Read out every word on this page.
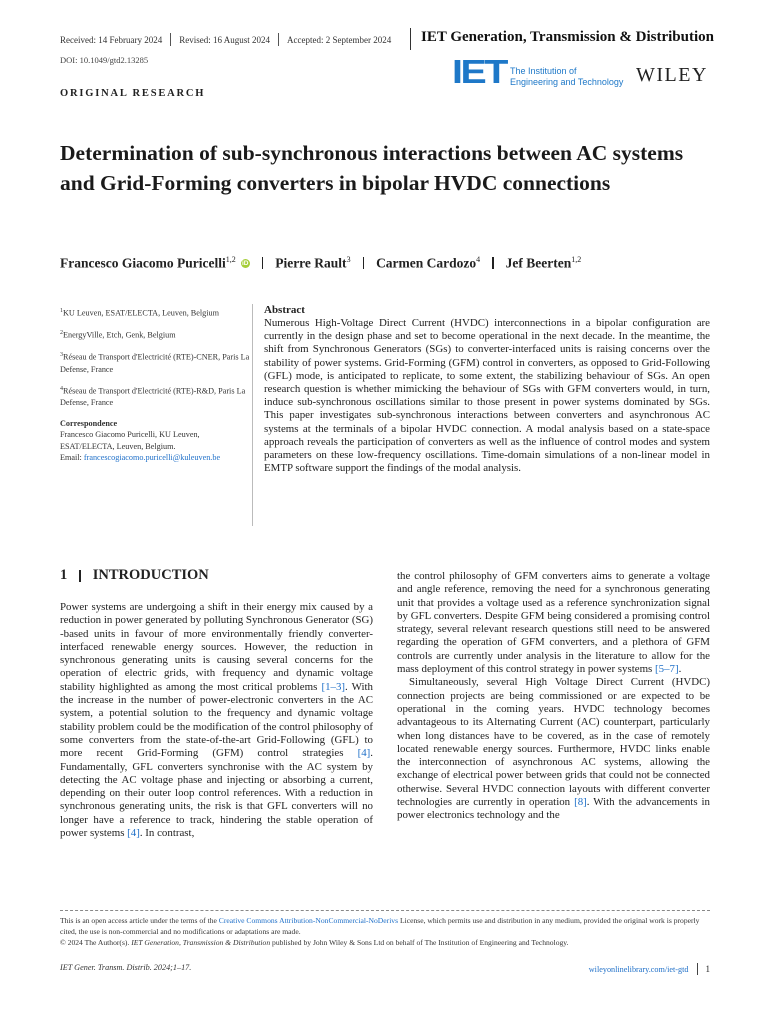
Received: 14 February 2024 Revised: 16 August 2024 Accepted: 2 September 2024	IET Generation, Transmission & Distribution
DOI: 10.1049/gtd2.13285	IET The Institution of
Engineering and Technology WILEY
ORIGINAL RESEARCH
Determination of sub-synchronous interactions between AC systems and Grid-Forming converters in bipolar HVDC connections
Francesco Giacomo Puricelli$^{1,2}$ iD Pierre Rault$^3$ Carmen Cardozo$^4$ Jef Beerten$^{1,2}$
$^1$KU Leuven, ESAT/ELECTA, Leuven, Belgium
$^2$EnergyVille, Etch, Genk, Belgium
$^3$Réseau de Transport d'Electricité (RTE)-CNER, Paris La Defense, France
$^4$Réseau de Transport d'Electricité (RTE)-R&D, Paris La Defense, France
Correspondence
Francesco Giacomo Puricelli, KU Leuven, ESAT/ELECTA, Leuven, Belgium.
Email: francescogiacomo.puricelli@kuleuven.be
Abstract

Numerous High-Voltage Direct Current (HVDC) interconnections in a bipolar configuration are currently in the design phase and set to become operational in the next decade. In the meantime, the shift from Synchronous Generators (SGs) to converter-interfaced units is raising concerns over the stability of power systems. Grid-Forming (GFM) control in converters, as opposed to Grid-Following (GFL) mode, is anticipated to replicate, to some extent, the stabilizing behaviour of SGs. An open research question is whether mimicking the behaviour of SGs with GFM converters would, in turn, induce sub-synchronous oscillations similar to those present in power systems dominated by SGs. This paper investigates sub-synchronous interactions between converters and asynchronous AC systems at the terminals of a bipolar HVDC connection. A modal analysis based on a state-space approach reveals the participation of converters as well as the influence of control modes and system parameters on these low-frequency oscillations. Time-domain simulations of a non-linear model in EMTP software support the findings of the modal analysis.

1 INTRODUCTION

Power systems are undergoing a shift in their energy mix caused by a reduction in power generated by polluting Synchronous Generator (SG) -based units in favour of more environmentally friendly converter-interfaced renewable energy sources. However, the reduction in synchronous generating units is causing several concerns for the operation of electric grids, with frequency and dynamic voltage stability highlighted as among the most critical problems [1–3]. With the increase in the number of power-electronic converters in the AC system, a potential solution to the frequency and dynamic voltage stability problem could be the modification of the control philosophy of some converters from the state-of-the-art Grid-Following (GFL) to more recent Grid-Forming (GFM) control strategies [4]. Fundamentally, GFL converters synchronise with the AC system by detecting the AC voltage phase and injecting or absorbing a current, depending on their outer loop control references. With a reduction in synchronous generating units, the risk is that GFL converters will no longer have a reference to track, hindering the stable operation of power systems [4]. In contrast,

the control philosophy of GFM converters aims to generate a voltage and angle reference, removing the need for a synchronous generating unit that provides a voltage used as a reference synchronization signal by GFL converters. Despite GFM being considered a promising control strategy, several relevant research questions still need to be answered regarding the operation of GFM converters, and a plethora of GFM controls are currently under analysis in the literature to allow for the mass deployment of this control strategy in power systems [5–7].

Simultaneously, several High Voltage Direct Current (HVDC) connection projects are being commissioned or are expected to be operational in the coming years. HVDC technology becomes advantageous to its Alternating Current (AC) counterpart, particularly when long distances have to be covered, as in the case of remotely located renewable energy sources. Furthermore, HVDC links enable the interconnection of asynchronous AC systems, allowing the exchange of electrical power between grids that could not be connected otherwise. Several HVDC connection layouts with different converter technologies are currently in operation [8]. With the advancements in power electronics technology and the

This is an open access article under the terms of the Creative Commons Attribution-NonCommercial-NoDerivs License, which permits use and distribution in any medium, provided the original work is properly cited, the use is non-commercial and no modifications or adaptations are made.

© 2024 The Author(s). IET Generation, Transmission & Distribution published by John Wiley & Sons Ltd on behalf of The Institution of Engineering and Technology.

IET Gener. Transm. Distrib. 2024;1–17.	wileyonlinelibrary.com/iet-gtd 1
